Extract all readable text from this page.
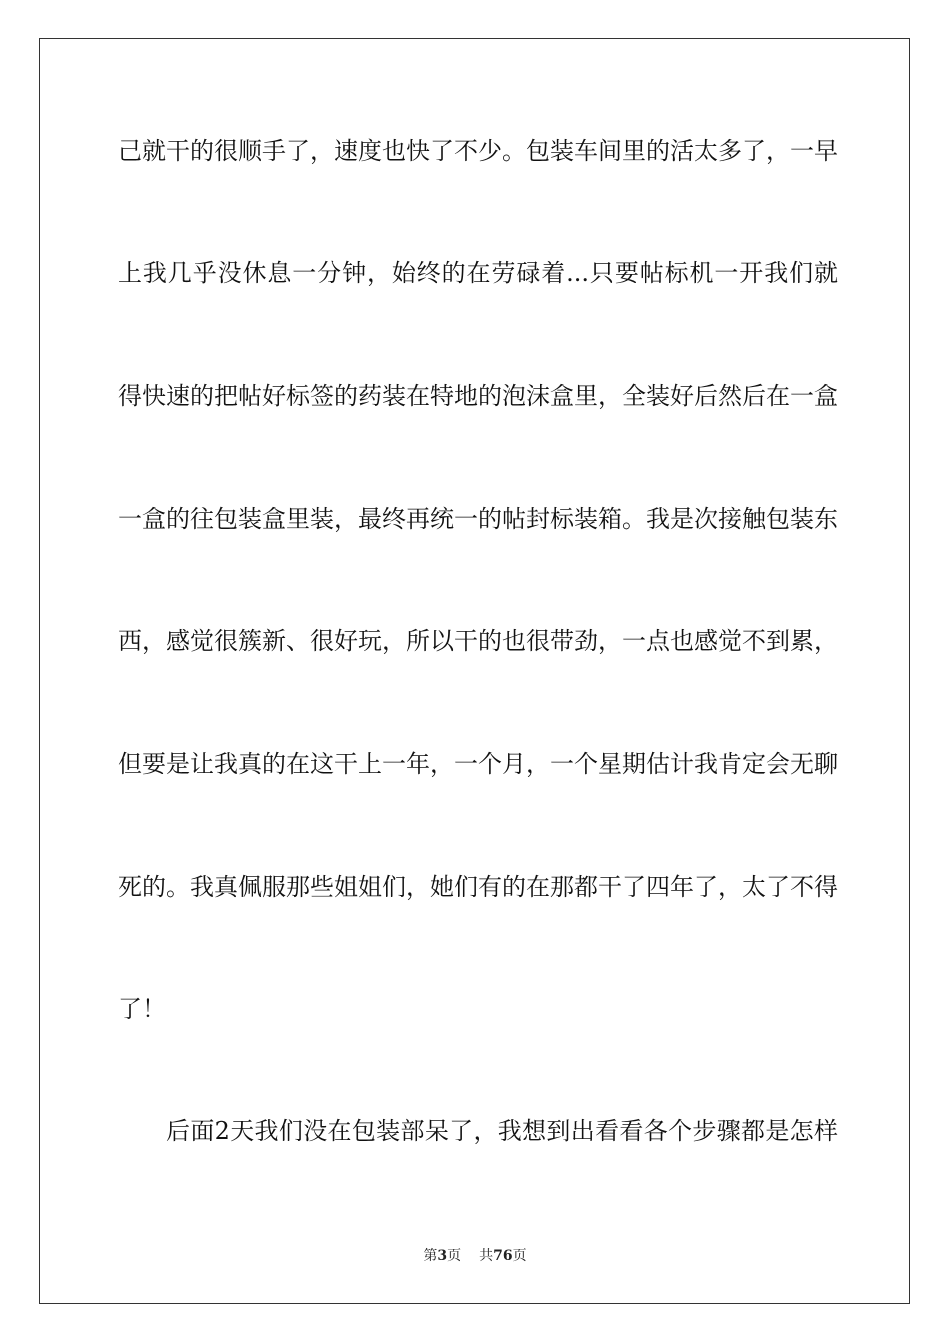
己就干的很顺手了，速度也快了不少。包装车间里的活太多了，一早
上我几乎没休息一分钟，始终的在劳碌着...只要帖标机一开我们就
得快速的把帖好标签的药装在特地的泡沫盒里，全装好后然后在一盒
一盒的往包装盒里装，最终再统一的帖封标装箱。我是次接触包装东
西，感觉很簇新、很好玩，所以干的也很带劲，一点也感觉不到累，
但要是让我真的在这干上一年，一个月，一个星期估计我肯定会无聊
死的。我真佩服那些姐姐们，她们有的在那都干了四年了，太了不得
了！
后面2天我们没在包装部呆了，我想到出看看各个步骤都是怎样
第3页 共76页
